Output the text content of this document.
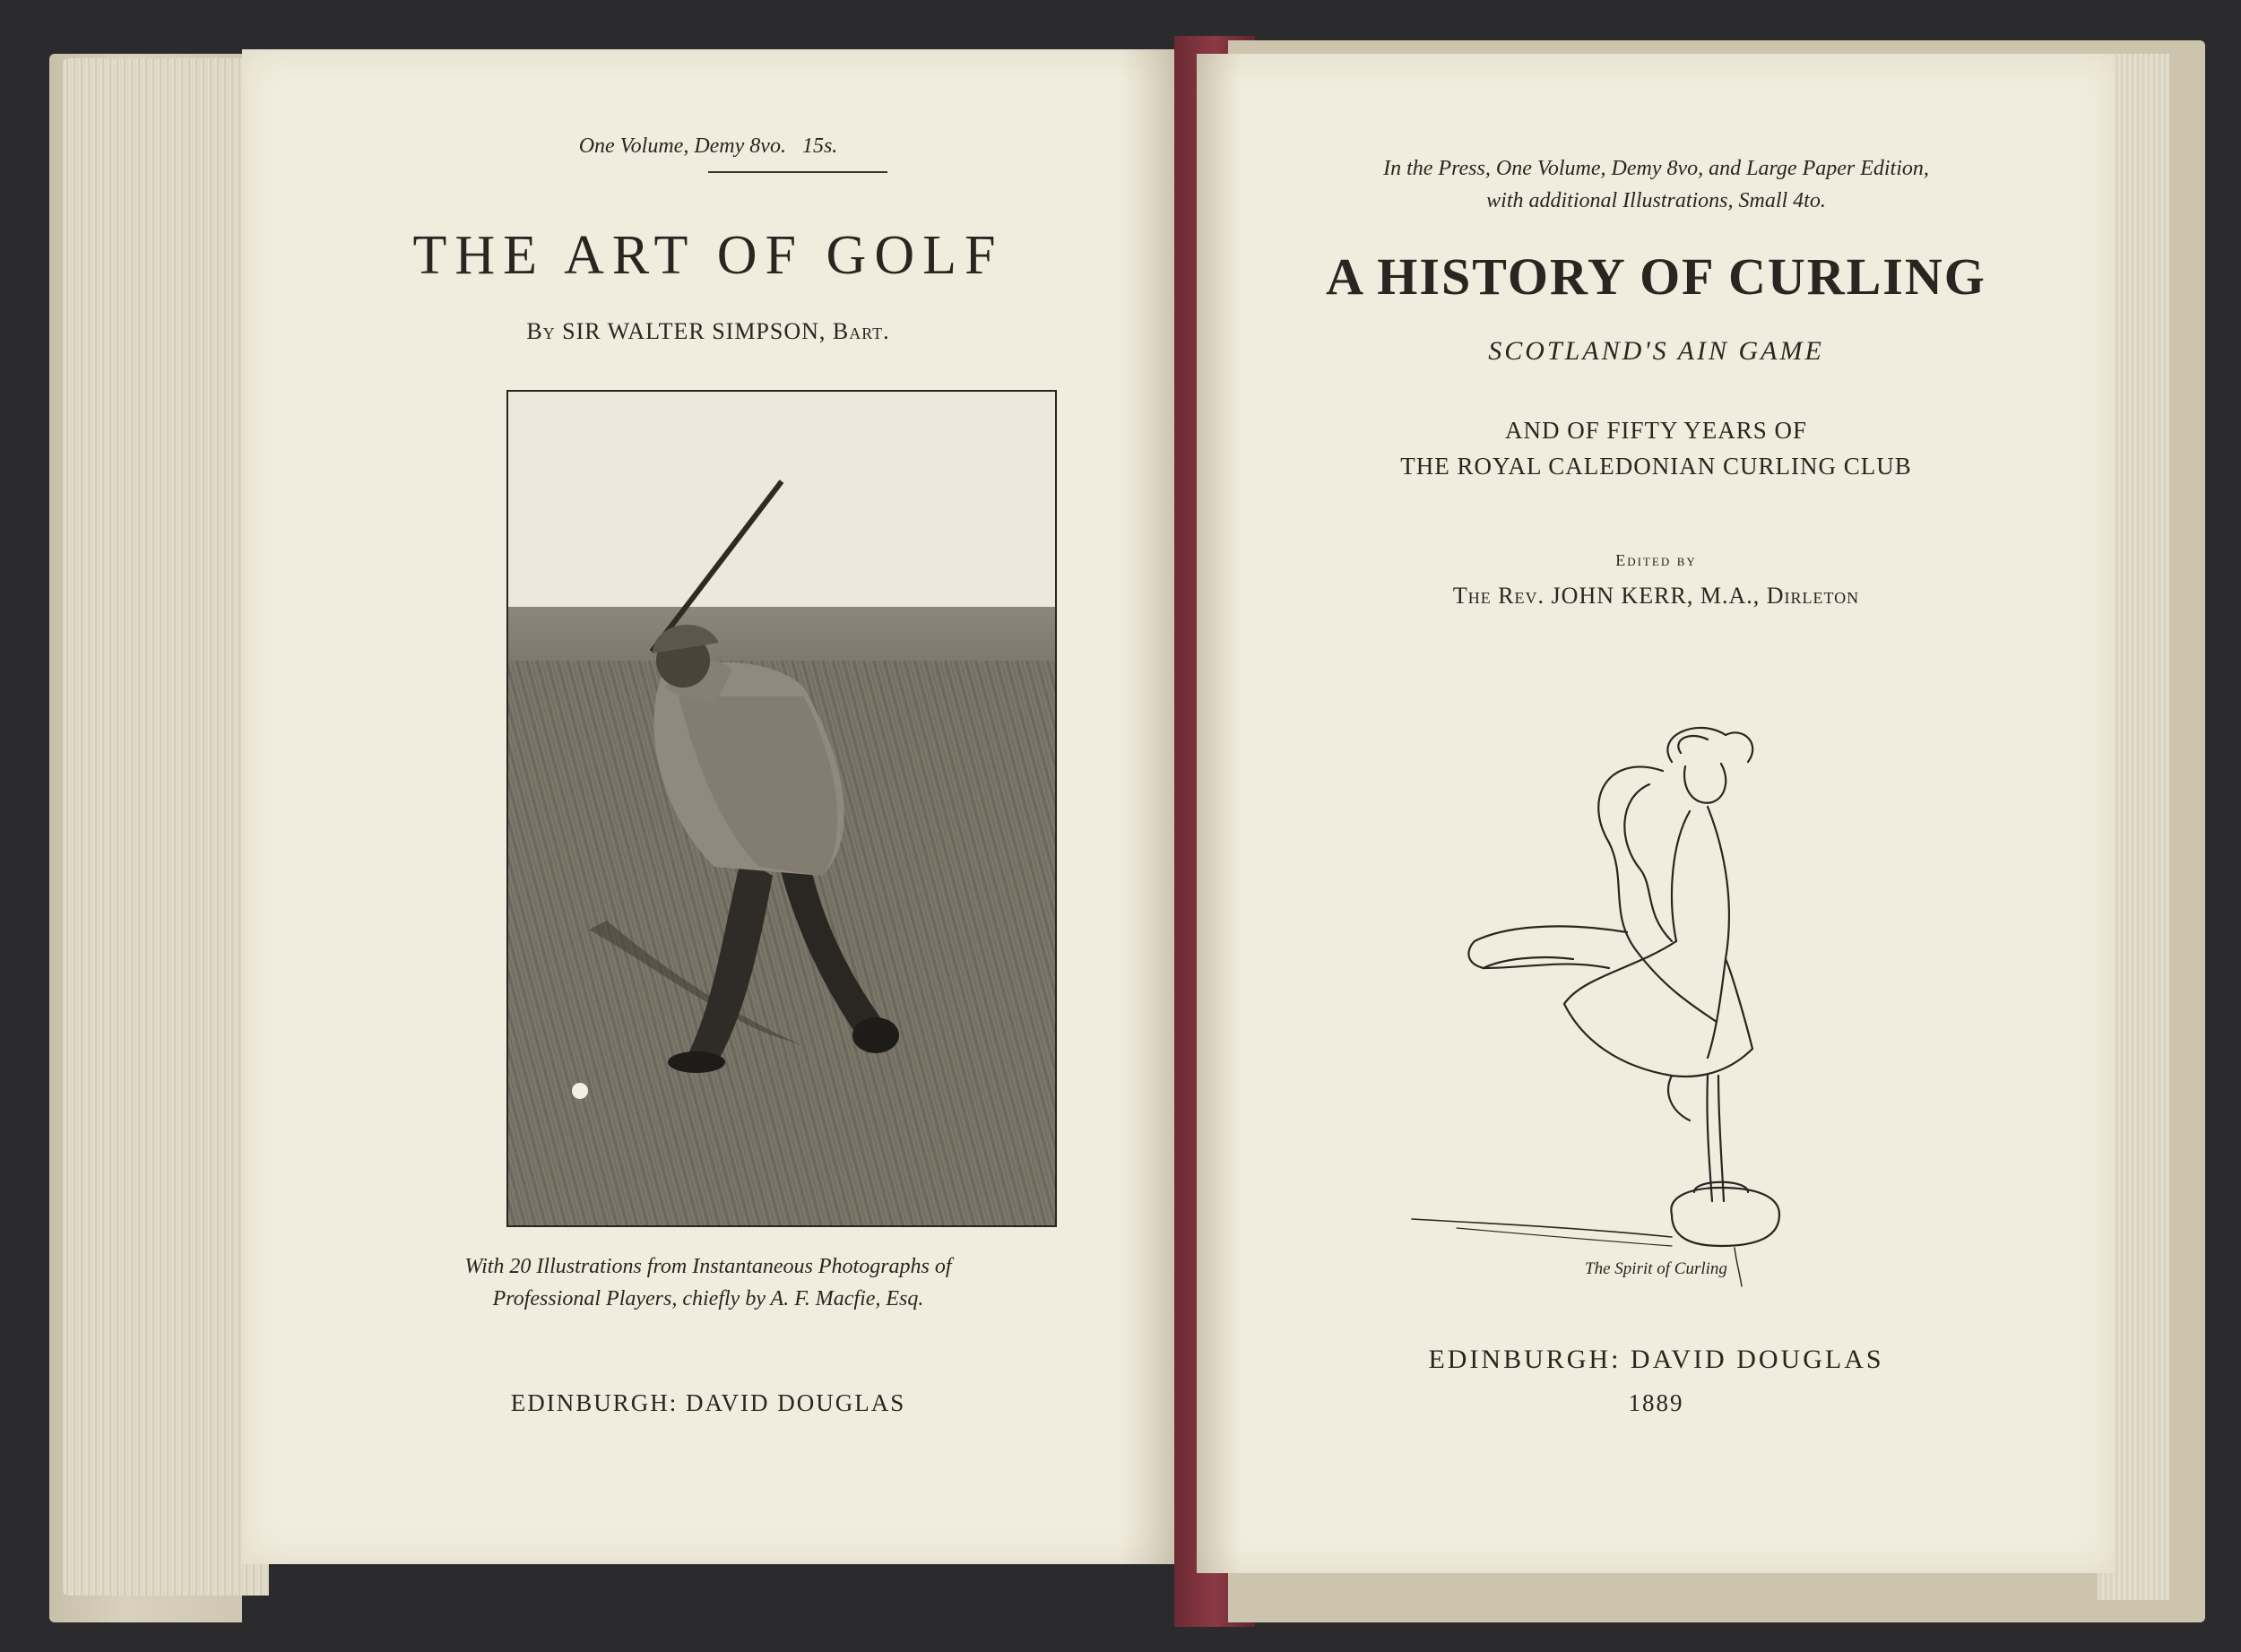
One Volume, Demy 8vo.   15s.
THE ART OF GOLF
By SIR WALTER SIMPSON, Bart.
With 20 Illustrations from Instantaneous Photographs of
Professional Players, chiefly by A. F. Macfie, Esq.
EDINBURGH: DAVID DOUGLAS
In the Press, One Volume, Demy 8vo, and Large Paper Edition,
with additional Illustrations, Small 4to.
A HISTORY OF CURLING
SCOTLAND'S AIN GAME
AND OF FIFTY YEARS OF
THE ROYAL CALEDONIAN CURLING CLUB
Edited by
The Rev. JOHN KERR, M.A., Dirleton
The Spirit of Curling
EDINBURGH: DAVID DOUGLAS
1889
